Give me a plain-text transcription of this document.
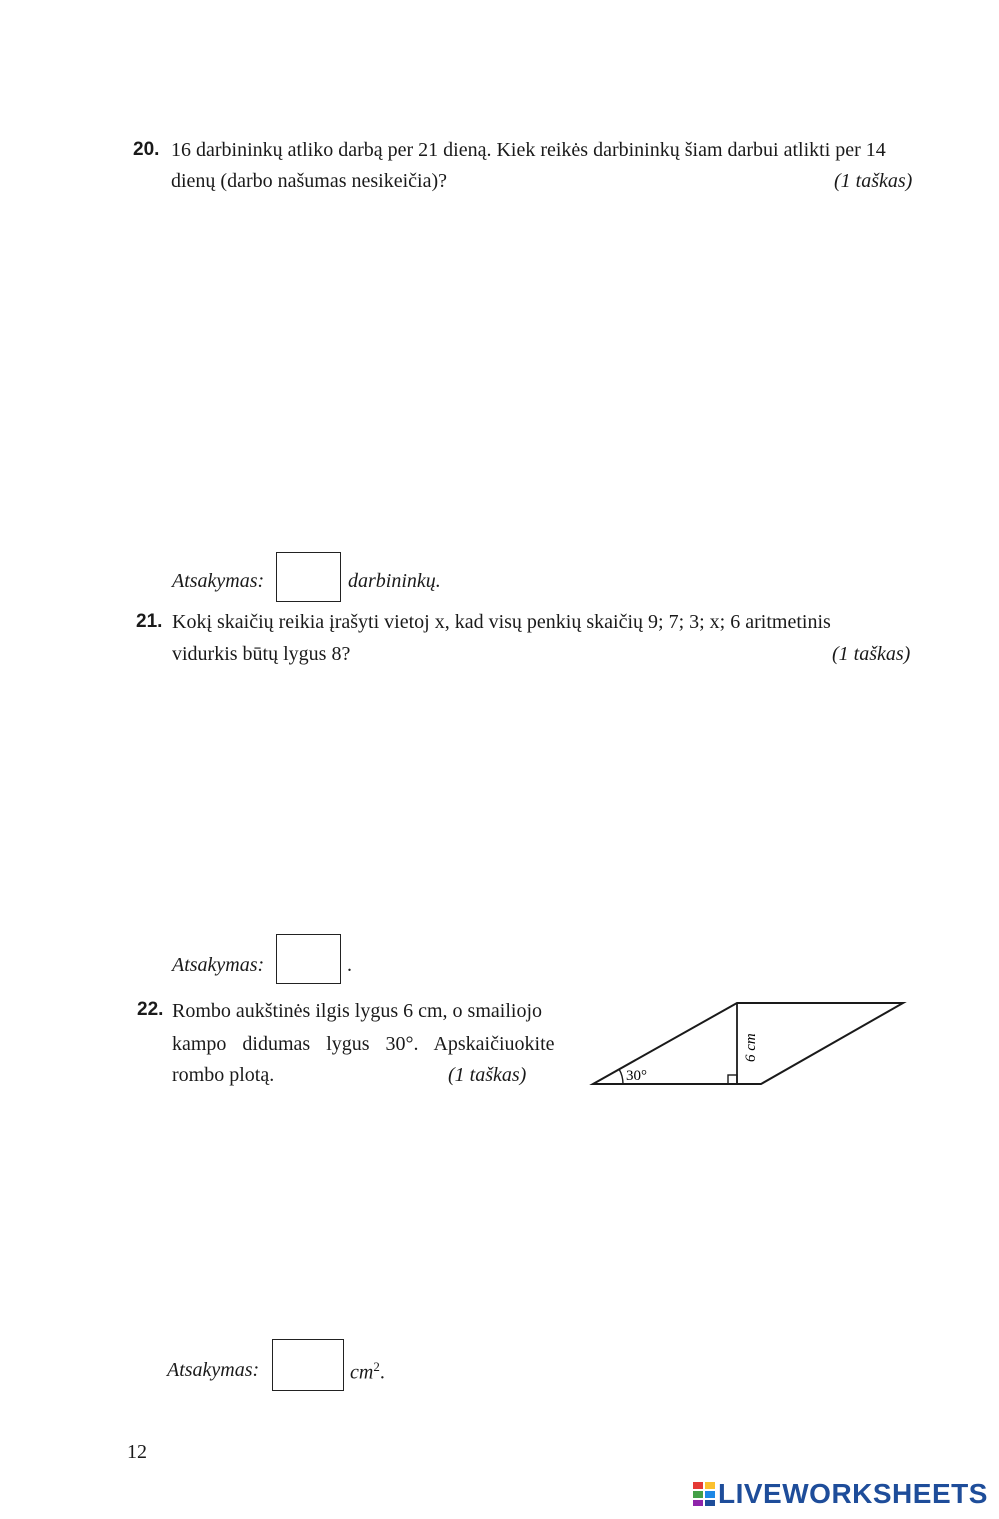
20. 16 darbininkų atliko darbą per 21 dieną. Kiek reikės darbininkų šiam darbui atlikti per 14
dienų (darbo našumas nesikeičia)?	(1 taškas)
Atsakymas:	darbininkų.
21. Kokį skaičių reikia įrašyti vietoj x, kad visų penkių skaičių 9; 7; 3; x; 6 aritmetinis
vidurkis būtų lygus 8?	(1 taškas)
Atsakymas:	.
22. Rombo aukštinės ilgis lygus 6 cm, o smailiojo
kampo didumas lygus 30°. Apskaičiuokite
rombo plotą.	(1 taškas)	30°
6 cm
Atsakymas:	$cm^2$.
12
LIVEWORKSHEETS
